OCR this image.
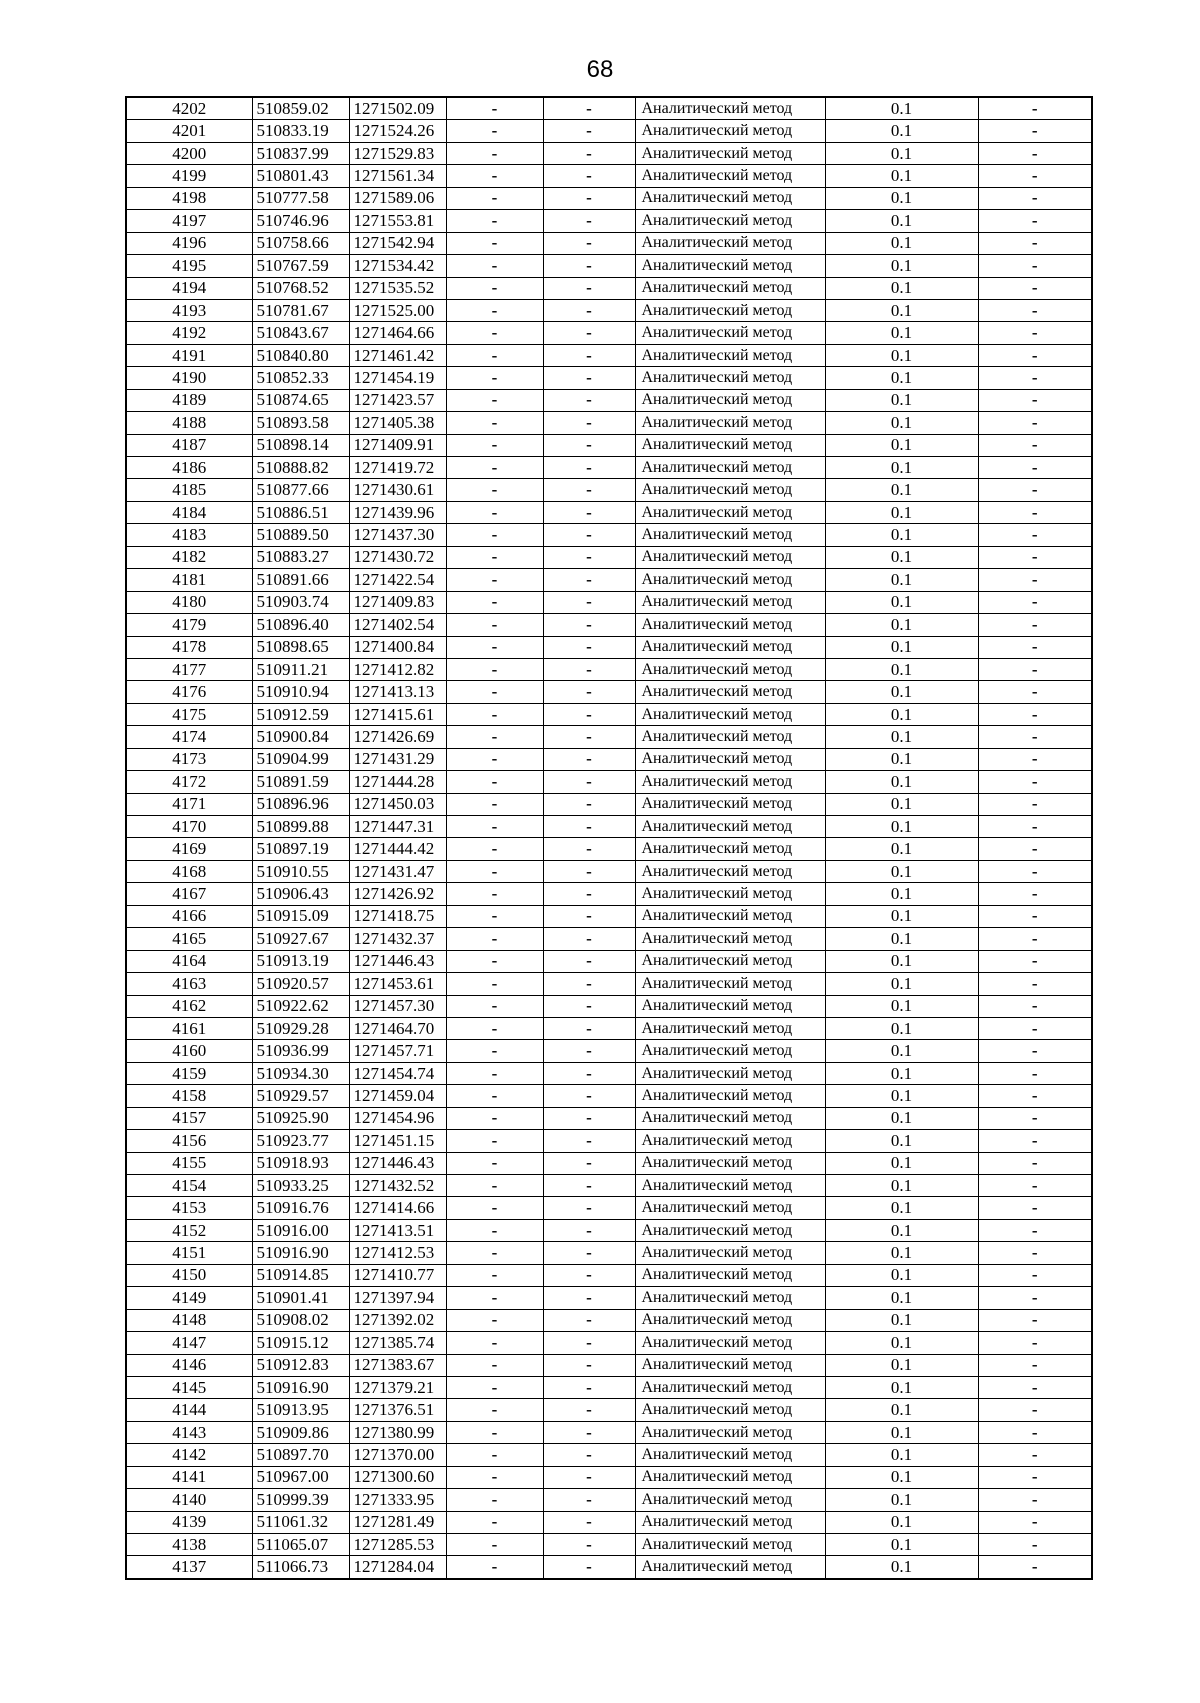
68
4202	510859.02	1271502.09	-	-	Аналитический метод	0.1	-
4201	510833.19	1271524.26	-	-	Аналитический метод	0.1	-
4200	510837.99	1271529.83	-	-	Аналитический метод	0.1	-
4199	510801.43	1271561.34	-	-	Аналитический метод	0.1	-
4198	510777.58	1271589.06	-	-	Аналитический метод	0.1	-
4197	510746.96	1271553.81	-	-	Аналитический метод	0.1	-
4196	510758.66	1271542.94	-	-	Аналитический метод	0.1	-
4195	510767.59	1271534.42	-	-	Аналитический метод	0.1	-
4194	510768.52	1271535.52	-	-	Аналитический метод	0.1	-
4193	510781.67	1271525.00	-	-	Аналитический метод	0.1	-
4192	510843.67	1271464.66	-	-	Аналитический метод	0.1	-
4191	510840.80	1271461.42	-	-	Аналитический метод	0.1	-
4190	510852.33	1271454.19	-	-	Аналитический метод	0.1	-
4189	510874.65	1271423.57	-	-	Аналитический метод	0.1	-
4188	510893.58	1271405.38	-	-	Аналитический метод	0.1	-
4187	510898.14	1271409.91	-	-	Аналитический метод	0.1	-
4186	510888.82	1271419.72	-	-	Аналитический метод	0.1	-
4185	510877.66	1271430.61	-	-	Аналитический метод	0.1	-
4184	510886.51	1271439.96	-	-	Аналитический метод	0.1	-
4183	510889.50	1271437.30	-	-	Аналитический метод	0.1	-
4182	510883.27	1271430.72	-	-	Аналитический метод	0.1	-
4181	510891.66	1271422.54	-	-	Аналитический метод	0.1	-
4180	510903.74	1271409.83	-	-	Аналитический метод	0.1	-
4179	510896.40	1271402.54	-	-	Аналитический метод	0.1	-
4178	510898.65	1271400.84	-	-	Аналитический метод	0.1	-
4177	510911.21	1271412.82	-	-	Аналитический метод	0.1	-
4176	510910.94	1271413.13	-	-	Аналитический метод	0.1	-
4175	510912.59	1271415.61	-	-	Аналитический метод	0.1	-
4174	510900.84	1271426.69	-	-	Аналитический метод	0.1	-
4173	510904.99	1271431.29	-	-	Аналитический метод	0.1	-
4172	510891.59	1271444.28	-	-	Аналитический метод	0.1	-
4171	510896.96	1271450.03	-	-	Аналитический метод	0.1	-
4170	510899.88	1271447.31	-	-	Аналитический метод	0.1	-
4169	510897.19	1271444.42	-	-	Аналитический метод	0.1	-
4168	510910.55	1271431.47	-	-	Аналитический метод	0.1	-
4167	510906.43	1271426.92	-	-	Аналитический метод	0.1	-
4166	510915.09	1271418.75	-	-	Аналитический метод	0.1	-
4165	510927.67	1271432.37	-	-	Аналитический метод	0.1	-
4164	510913.19	1271446.43	-	-	Аналитический метод	0.1	-
4163	510920.57	1271453.61	-	-	Аналитический метод	0.1	-
4162	510922.62	1271457.30	-	-	Аналитический метод	0.1	-
4161	510929.28	1271464.70	-	-	Аналитический метод	0.1	-
4160	510936.99	1271457.71	-	-	Аналитический метод	0.1	-
4159	510934.30	1271454.74	-	-	Аналитический метод	0.1	-
4158	510929.57	1271459.04	-	-	Аналитический метод	0.1	-
4157	510925.90	1271454.96	-	-	Аналитический метод	0.1	-
4156	510923.77	1271451.15	-	-	Аналитический метод	0.1	-
4155	510918.93	1271446.43	-	-	Аналитический метод	0.1	-
4154	510933.25	1271432.52	-	-	Аналитический метод	0.1	-
4153	510916.76	1271414.66	-	-	Аналитический метод	0.1	-
4152	510916.00	1271413.51	-	-	Аналитический метод	0.1	-
4151	510916.90	1271412.53	-	-	Аналитический метод	0.1	-
4150	510914.85	1271410.77	-	-	Аналитический метод	0.1	-
4149	510901.41	1271397.94	-	-	Аналитический метод	0.1	-
4148	510908.02	1271392.02	-	-	Аналитический метод	0.1	-
4147	510915.12	1271385.74	-	-	Аналитический метод	0.1	-
4146	510912.83	1271383.67	-	-	Аналитический метод	0.1	-
4145	510916.90	1271379.21	-	-	Аналитический метод	0.1	-
4144	510913.95	1271376.51	-	-	Аналитический метод	0.1	-
4143	510909.86	1271380.99	-	-	Аналитический метод	0.1	-
4142	510897.70	1271370.00	-	-	Аналитический метод	0.1	-
4141	510967.00	1271300.60	-	-	Аналитический метод	0.1	-
4140	510999.39	1271333.95	-	-	Аналитический метод	0.1	-
4139	511061.32	1271281.49	-	-	Аналитический метод	0.1	-
4138	511065.07	1271285.53	-	-	Аналитический метод	0.1	-
4137	511066.73	1271284.04	-	-	Аналитический метод	0.1	-
